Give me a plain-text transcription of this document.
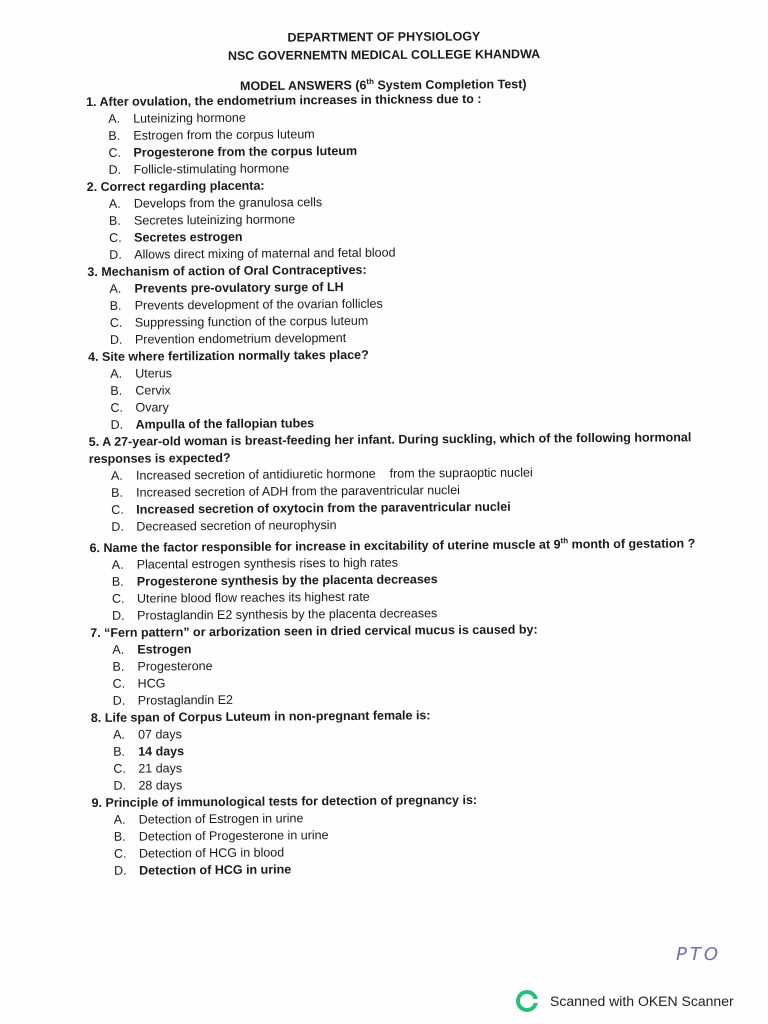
DEPARTMENT OF PHYSIOLOGY
NSC GOVERNEMTN MEDICAL COLLEGE KHANDWA
MODEL ANSWERS (6th System Completion Test)

1. After ovulation, the endometrium increases in thickness due to :

A.	Luteinizing hormone
B.	Estrogen from the corpus luteum
C. Progesterone from the corpus luteum
D. Follicle-stimulating hormone

2. Correct regarding placenta:

A.	Develops from the granulosa cells
B.	Secretes luteinizing hormone
C. Secretes estrogen
D. Allows direct mixing of maternal and fetal blood

3. Mechanism of action of Oral Contraceptives:

A.	Prevents pre-ovulatory surge of LH
B.	Prevents development of the ovarian follicles
C. Suppressing function of the corpus luteum
D. Prevention endometrium development

4. Site where fertilization normally takes place?

A.	Uterus
B.	Cervix
C. Ovary
D. Ampulla of the fallopian tubes

5. A 27-year-old woman is breast-feeding her infant. During suckling, which of the following hormonal responses is expected?

A.	Increased secretion of antidiuretic hormone    from the supraoptic nuclei
B.	Increased secretion of ADH from the paraventricular nuclei
C. Increased secretion of oxytocin from the paraventricular nuclei
D. Decreased secretion of neurophysin

6. Name the factor responsible for increase in excitability of uterine muscle at 9th month of gestation ?

A.	Placental estrogen synthesis rises to high rates
B.	Progesterone synthesis by the placenta decreases
C. Uterine blood flow reaches its highest rate
D. Prostaglandin E2 synthesis by the placenta decreases

7. “Fern pattern” or arborization seen in dried cervical mucus is caused by:

A.	Estrogen
B.	Progesterone
C. HCG
D. Prostaglandin E2

8. Life span of Corpus Luteum in non-pregnant female is:

A.	07 days
B.	14 days
C. 21 days
D. 28 days

9. Principle of immunological tests for detection of pregnancy is:

A.	Detection of Estrogen in urine
B.	Detection of Progesterone in urine
C. Detection of HCG in blood
D. Detection of HCG in urine
PTO
Scanned with OKEN Scanner
